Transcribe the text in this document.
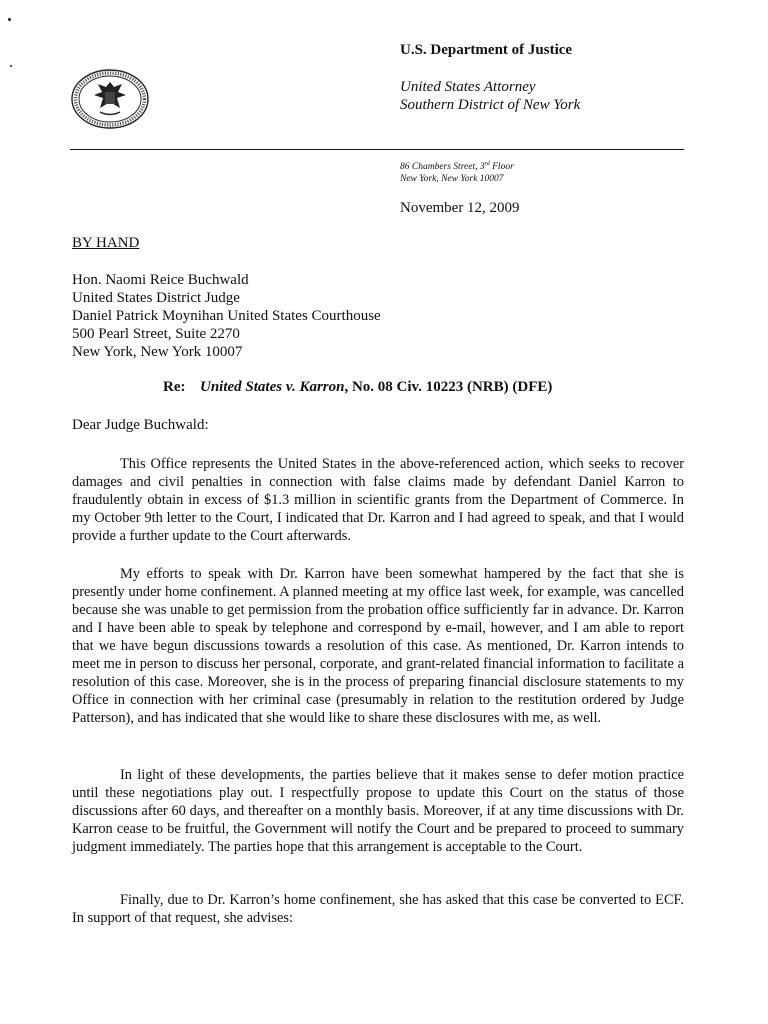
U.S. Department of Justice
United States Attorney
Southern District of New York
86 Chambers Street, 3rd Floor
New York, New York 10007
November 12, 2009
BY HAND
Hon. Naomi Reice Buchwald
United States District Judge
Daniel Patrick Moynihan United States Courthouse
500 Pearl Street, Suite 2270
New York, New York 10007
Re: United States v. Karron, No. 08 Civ. 10223 (NRB) (DFE)
Dear Judge Buchwald:
This Office represents the United States in the above-referenced action, which seeks to recover damages and civil penalties in connection with false claims made by defendant Daniel Karron to fraudulently obtain in excess of $1.3 million in scientific grants from the Department of Commerce. In my October 9th letter to the Court, I indicated that Dr. Karron and I had agreed to speak, and that I would provide a further update to the Court afterwards.
My efforts to speak with Dr. Karron have been somewhat hampered by the fact that she is presently under home confinement. A planned meeting at my office last week, for example, was cancelled because she was unable to get permission from the probation office sufficiently far in advance. Dr. Karron and I have been able to speak by telephone and correspond by e-mail, however, and I am able to report that we have begun discussions towards a resolution of this case. As mentioned, Dr. Karron intends to meet me in person to discuss her personal, corporate, and grant-related financial information to facilitate a resolution of this case. Moreover, she is in the process of preparing financial disclosure statements to my Office in connection with her criminal case (presumably in relation to the restitution ordered by Judge Patterson), and has indicated that she would like to share these disclosures with me, as well.
In light of these developments, the parties believe that it makes sense to defer motion practice until these negotiations play out. I respectfully propose to update this Court on the status of those discussions after 60 days, and thereafter on a monthly basis. Moreover, if at any time discussions with Dr. Karron cease to be fruitful, the Government will notify the Court and be prepared to proceed to summary judgment immediately. The parties hope that this arrangement is acceptable to the Court.
Finally, due to Dr. Karron’s home confinement, she has asked that this case be converted to ECF. In support of that request, she advises:
